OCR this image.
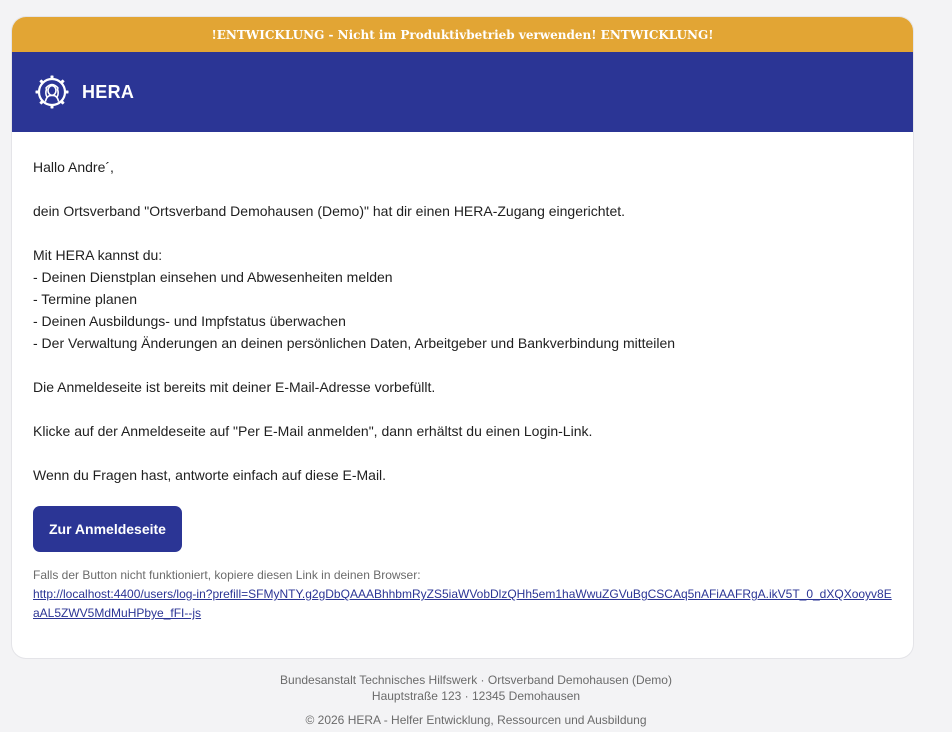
!ENTWICKLUNG - Nicht im Produktivbetrieb verwenden! ENTWICKLUNG!
HERA

Hallo Andre´,

dein Ortsverband "Ortsverband Demohausen (Demo)" hat dir einen HERA-Zugang eingerichtet.

Mit HERA kannst du:

- Deinen Dienstplan einsehen und Abwesenheiten melden

- Termine planen

- Deinen Ausbildungs- und Impfstatus überwachen

- Der Verwaltung Änderungen an deinen persönlichen Daten, Arbeitgeber und Bankverbindung mitteilen

Die Anmeldeseite ist bereits mit deiner E-Mail-Adresse vorbefüllt.

Klicke auf der Anmeldeseite auf "Per E-Mail anmelden", dann erhältst du einen Login-Link.

Wenn du Fragen hast, antworte einfach auf diese E-Mail.

Zur Anmeldeseite
Falls der Button nicht funktioniert, kopiere diesen Link in deinen Browser:
http://localhost:4400/users/log-in?prefill=SFMyNTY.g2gDbQAAABhhbmRyZS5iaWVobDlzQHh5em1haWwuZGVuBgCSCAq5nAFiAAFRgA.ikV5T_0_dXQXooyv8EaAL5ZWV5MdMuHPbye_fFI--js
Bundesanstalt Technisches Hilfswerk · Ortsverband Demohausen (Demo)
Hauptstraße 123 · 12345 Demohausen
© 2026 HERA - Helfer Entwicklung, Ressourcen und Ausbildung
